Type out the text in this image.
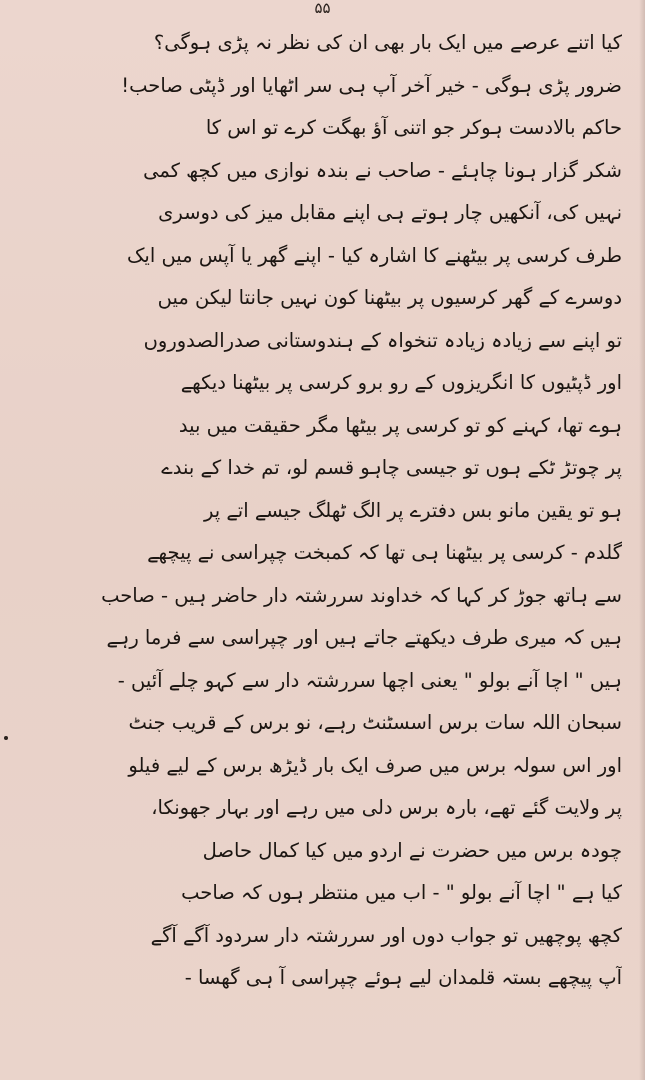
۵۵
کیا اتنے عرصے میں ایک بار بھی ان کی نظر نہ پڑی ہوگی؟
ضرور پڑی ہوگی - خیر آخر آپ ہی سر اٹھایا اور ڈپٹی صاحب!
حاکم بالادست ہوکر جو اتنی آؤ بھگت کرے تو اس کا
شکر گزار ہونا چاہئے - صاحب نے بندہ نوازی میں کچھ کمی
نہیں کی، آنکھیں چار ہوتے ہی اپنے مقابل میز کی دوسری
طرف کرسی پر بیٹھنے کا اشارہ کیا - اپنے گھر یا آپس میں ایک
دوسرے کے گھر کرسیوں پر بیٹھنا کون نہیں جانتا لیکن میں
تو اپنے سے زیادہ زیادہ تنخواہ کے ہندوستانی صدرالصدوروں
اور ڈپٹیوں کا انگریزوں کے رو برو کرسی پر بیٹھنا دیکھے
ہوے تھا، کہنے کو تو کرسی پر بیٹھا مگر حقیقت میں بید
پر چوتڑ ٹکے ہوں تو جیسی چاہو قسم لو، تم خدا کے بندے
ہو تو یقین مانو بس دفترے پر الگ ٹھلگ جیسے اتے پر
گلدم - کرسی پر بیٹھنا ہی تھا کہ کمبخت چپراسی نے پیچھے
سے ہاتھ جوڑ کر کہا کہ خداوند سررشتہ دار حاضر ہیں - صاحب
ہیں کہ میری طرف دیکھتے جاتے ہیں اور چپراسی سے فرما رہے
ہیں " اچا آنے بولو " یعنی اچھا سررشتہ دار سے کہو چلے آئیں -
سبحان اللہ سات برس اسسٹنٹ رہے، نو برس کے قریب جنٹ
اور اس سولہ برس میں صرف ایک بار ڈیڑھ برس کے لیے فیلو
پر ولایت گئے تھے، بارہ برس دلی میں رہے اور بہار جھونکا،
چودہ برس میں حضرت نے اردو میں کیا کمال حاصل
کیا ہے " اچا آنے بولو " - اب میں منتظر ہوں کہ صاحب
کچھ پوچھیں تو جواب دوں اور سررشتہ دار سردود آگے آگے
آپ پیچھے بستہ قلمدان لیے ہوئے چپراسی آ ہی گھسا -
